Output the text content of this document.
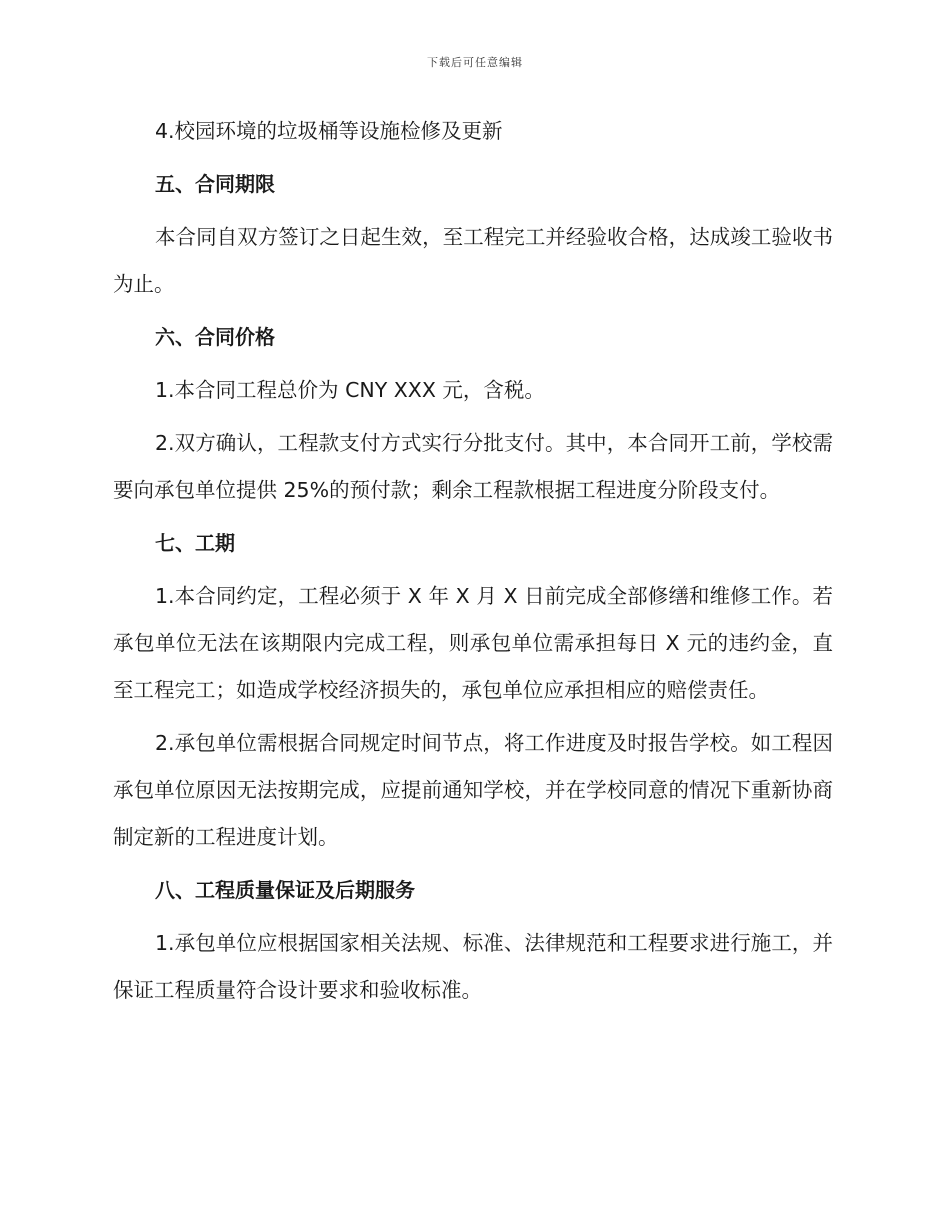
下载后可任意编辑

4.校园环境的垃圾桶等设施检修及更新

五、合同期限

本合同自双方签订之日起生效，至工程完工并经验收合格，达成竣工验收书为止。

六、合同价格

1.本合同工程总价为 CNY XXX 元，含税。

2.双方确认，工程款支付方式实行分批支付。其中，本合同开工前，学校需要向承包单位提供 25%的预付款；剩余工程款根据工程进度分阶段支付。

七、工期

1.本合同约定，工程必须于 X 年 X 月 X 日前完成全部修缮和维修工作。若承包单位无法在该期限内完成工程，则承包单位需承担每日 X 元的违约金，直至工程完工；如造成学校经济损失的，承包单位应承担相应的赔偿责任。

2.承包单位需根据合同规定时间节点，将工作进度及时报告学校。如工程因承包单位原因无法按期完成，应提前通知学校，并在学校同意的情况下重新协商制定新的工程进度计划。

八、工程质量保证及后期服务

1.承包单位应根据国家相关法规、标准、法律规范和工程要求进行施工，并保证工程质量符合设计要求和验收标准。
